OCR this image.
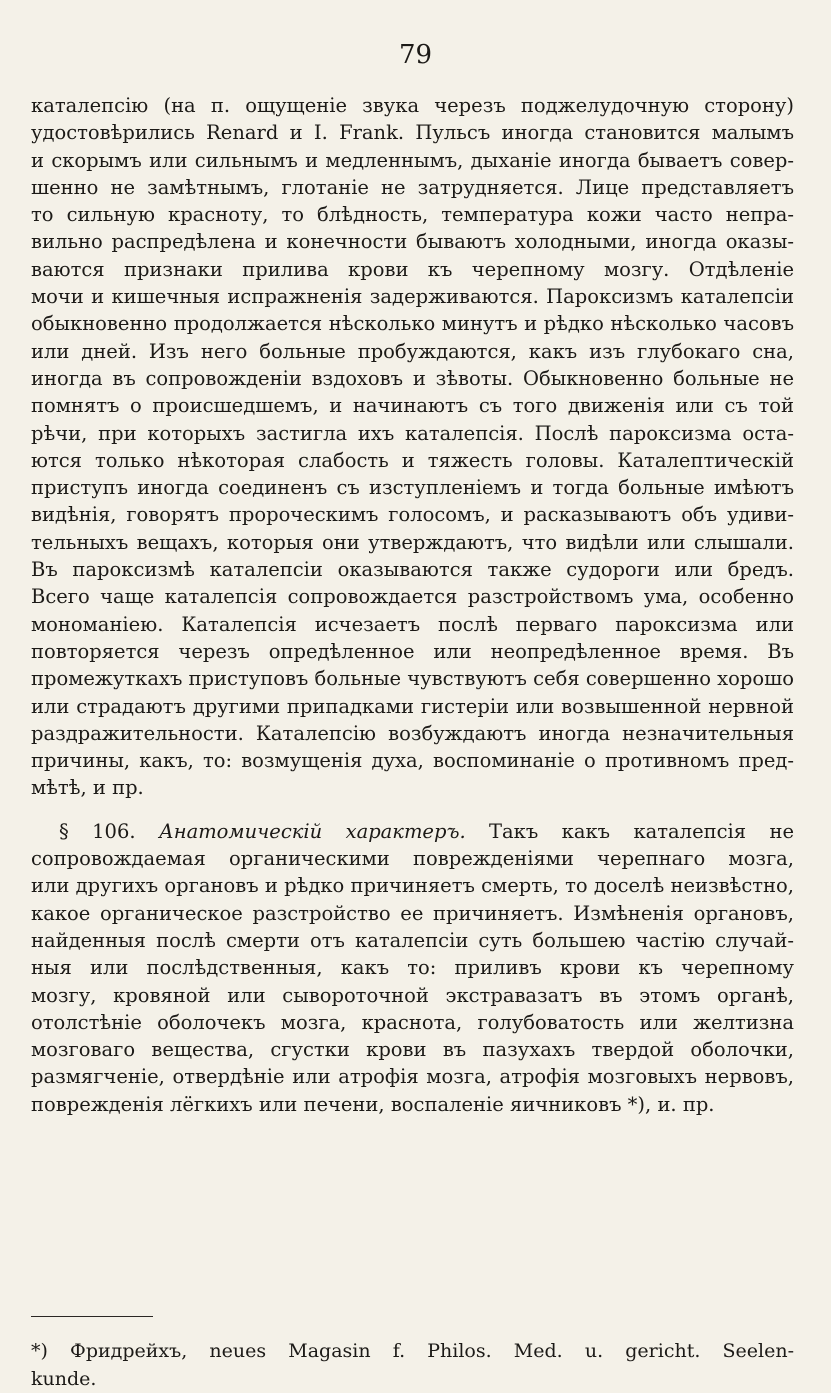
79
каталепсію (на п. ощущеніе звука черезъ поджелудочную сторону)
удостовѣрились Renard и I. Frank. Пульсъ иногда становится малымъ
и скорымъ или сильнымъ и медленнымъ, дыханіе иногда бываетъ совер-
шенно не замѣтнымъ, глотаніе не затрудняется. Лице представляетъ
то сильную красноту, то блѣдность, температура кожи часто непра-
вильно распредѣлена и конечности бываютъ холодными, иногда оказы-
ваются признаки прилива крови къ черепному мозгу. Отдѣленіе
мочи и кишечныя испражненія задерживаются. Пароксизмъ каталепсіи
обыкновенно продолжается нѣсколько минутъ и рѣдко нѣсколько часовъ
или дней. Изъ него больные пробуждаются, какъ изъ глубокаго сна,
иногда въ сопровожденіи вздоховъ и зѣвоты. Обыкновенно больные не
помнятъ о происшедшемъ, и начинаютъ съ того движенія или съ той
рѣчи, при которыхъ застигла ихъ каталепсія. Послѣ пароксизма оста-
ются только нѣкоторая слабость и тяжесть головы. Каталептическій
приступъ иногда соединенъ съ изступленіемъ и тогда больные имѣютъ
видѣнія, говорятъ пророческимъ голосомъ, и расказываютъ объ удиви-
тельныхъ вещахъ, которыя они утверждаютъ, что видѣли или слышали.
Въ пароксизмѣ каталепсіи оказываются также судороги или бредъ.
Всего чаще каталепсія сопровождается разстройствомъ ума, особенно
мономаніею. Каталепсія исчезаетъ послѣ перваго пароксизма или
повторяется черезъ опредѣленное или неопредѣленное время. Въ
промежуткахъ приступовъ больные чувствуютъ себя совершенно хорошо
или страдаютъ другими припадками гистеріи или возвышенной нервной
раздражительности. Каталепсію возбуждаютъ иногда незначительныя
причины, какъ, то: возмущенія духа, воспоминаніе о противномъ пред-
мѣтѣ, и пр.
§ 106. Анатомическій характеръ. Такъ какъ каталепсія не
сопровождаемая органическими поврежденіями черепнаго мозга,
или другихъ органовъ и рѣдко причиняетъ смерть, то доселѣ неизвѣстно,
какое органическое разстройство ее причиняетъ. Измѣненія органовъ,
найденныя послѣ смерти отъ каталепсіи суть большею частію случай-
ныя или послѣдственныя, какъ то: приливъ крови къ черепному
мозгу, кровяной или сывороточной экстравазатъ въ этомъ органѣ,
отолстѣніе оболочекъ мозга, краснота, голубоватость или желтизна
мозговаго вещества, сгустки крови въ пазухахъ твердой оболочки,
размягченіе, отвердѣніе или атрофія мозга, атрофія мозговыхъ нервовъ,
поврежденія лёгкихъ или печени, воспаленіе яичниковъ *), и. пр.
*) Фридрейхъ, neues Magasin f. Philos. Med. u. gericht. Seelen-
kunde.
